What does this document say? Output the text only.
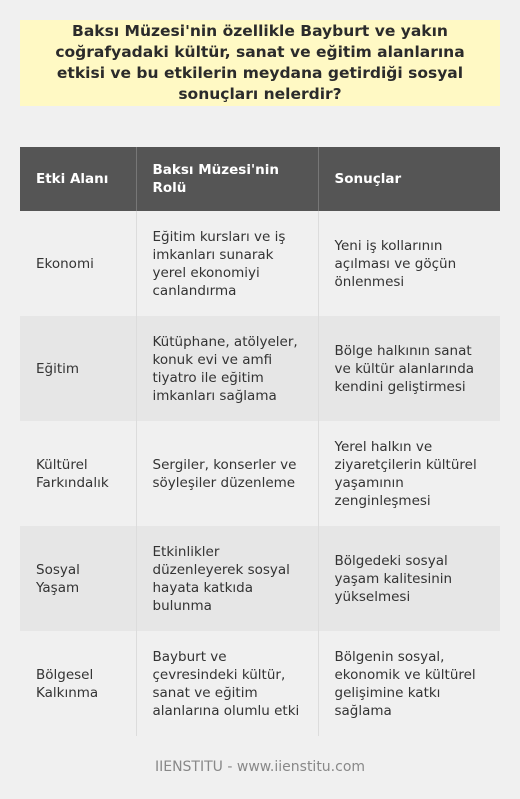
Baksı Müzesi'nin özellikle Bayburt ve yakın coğrafyadaki kültür, sanat ve eğitim alanlarına etkisi ve bu etkilerin meydana getirdiği sosyal sonuçları nelerdir?

Etki Alanı	Baksı Müzesi'nin Rolü	Sonuçlar
Ekonomi	Eğitim kursları ve iş imkanları sunarak yerel ekonomiyi canlandırma	Yeni iş kollarının açılması ve göçün önlenmesi
Eğitim	Kütüphane, atölyeler, konuk evi ve amfi tiyatro ile eğitim imkanları sağlama	Bölge halkının sanat ve kültür alanlarında kendini geliştirmesi
Kültürel Farkındalık	Sergiler, konserler ve söyleşiler düzenleme	Yerel halkın ve ziyaretçilerin kültürel yaşamının zenginleşmesi
Sosyal Yaşam	Etkinlikler düzenleyerek sosyal hayata katkıda bulunma	Bölgedeki sosyal yaşam kalitesinin yükselmesi
Bölgesel Kalkınma	Bayburt ve çevresindeki kültür, sanat ve eğitim alanlarına olumlu etki	Bölgenin sosyal, ekonomik ve kültürel gelişimine katkı sağlama
IIENSTITU - www.iienstitu.com
